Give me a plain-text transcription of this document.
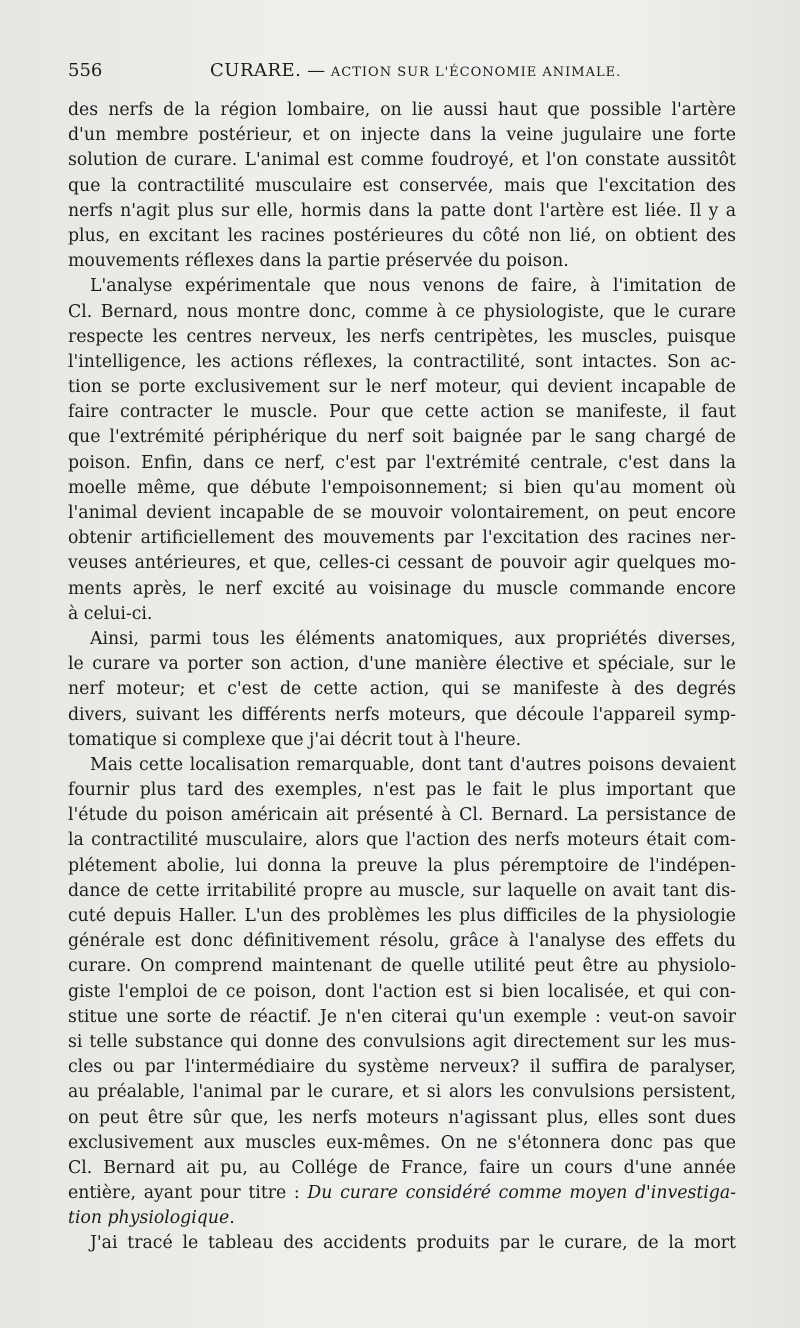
556	CURARE. — ACTION SUR L'ÉCONOMIE ANIMALE.
des nerfs de la région lombaire, on lie aussi haut que possible l'artère
d'un membre postérieur, et on injecte dans la veine jugulaire une forte
solution de curare. L'animal est comme foudroyé, et l'on constate aussitôt
que la contractilité musculaire est conservée, mais que l'excitation des
nerfs n'agit plus sur elle, hormis dans la patte dont l'artère est liée. Il y a
plus, en excitant les racines postérieures du côté non lié, on obtient des
mouvements réflexes dans la partie préservée du poison.
L'analyse expérimentale que nous venons de faire, à l'imitation de
Cl. Bernard, nous montre donc, comme à ce physiologiste, que le curare
respecte les centres nerveux, les nerfs centripètes, les muscles, puisque
l'intelligence, les actions réflexes, la contractilité, sont intactes. Son ac-
tion se porte exclusivement sur le nerf moteur, qui devient incapable de
faire contracter le muscle. Pour que cette action se manifeste, il faut
que l'extrémité périphérique du nerf soit baignée par le sang chargé de
poison. Enfin, dans ce nerf, c'est par l'extrémité centrale, c'est dans la
moelle même, que débute l'empoisonnement; si bien qu'au moment où
l'animal devient incapable de se mouvoir volontairement, on peut encore
obtenir artificiellement des mouvements par l'excitation des racines ner-
veuses antérieures, et que, celles-ci cessant de pouvoir agir quelques mo-
ments après, le nerf excité au voisinage du muscle commande encore
à celui-ci.
Ainsi, parmi tous les éléments anatomiques, aux propriétés diverses,
le curare va porter son action, d'une manière élective et spéciale, sur le
nerf moteur; et c'est de cette action, qui se manifeste à des degrés
divers, suivant les différents nerfs moteurs, que découle l'appareil symp-
tomatique si complexe que j'ai décrit tout à l'heure.
Mais cette localisation remarquable, dont tant d'autres poisons devaient
fournir plus tard des exemples, n'est pas le fait le plus important que
l'étude du poison américain ait présenté à Cl. Bernard. La persistance de
la contractilité musculaire, alors que l'action des nerfs moteurs était com-
plétement abolie, lui donna la preuve la plus péremptoire de l'indépen-
dance de cette irritabilité propre au muscle, sur laquelle on avait tant dis-
cuté depuis Haller. L'un des problèmes les plus difficiles de la physiologie
générale est donc définitivement résolu, grâce à l'analyse des effets du
curare. On comprend maintenant de quelle utilité peut être au physiolo-
giste l'emploi de ce poison, dont l'action est si bien localisée, et qui con-
stitue une sorte de réactif. Je n'en citerai qu'un exemple : veut-on savoir
si telle substance qui donne des convulsions agit directement sur les mus-
cles ou par l'intermédiaire du système nerveux? il suffira de paralyser,
au préalable, l'animal par le curare, et si alors les convulsions persistent,
on peut être sûr que, les nerfs moteurs n'agissant plus, elles sont dues
exclusivement aux muscles eux-mêmes. On ne s'étonnera donc pas que
Cl. Bernard ait pu, au Collége de France, faire un cours d'une année
entière, ayant pour titre : Du curare considéré comme moyen d'investiga-
tion physiologique.
J'ai tracé le tableau des accidents produits par le curare, de la mort
